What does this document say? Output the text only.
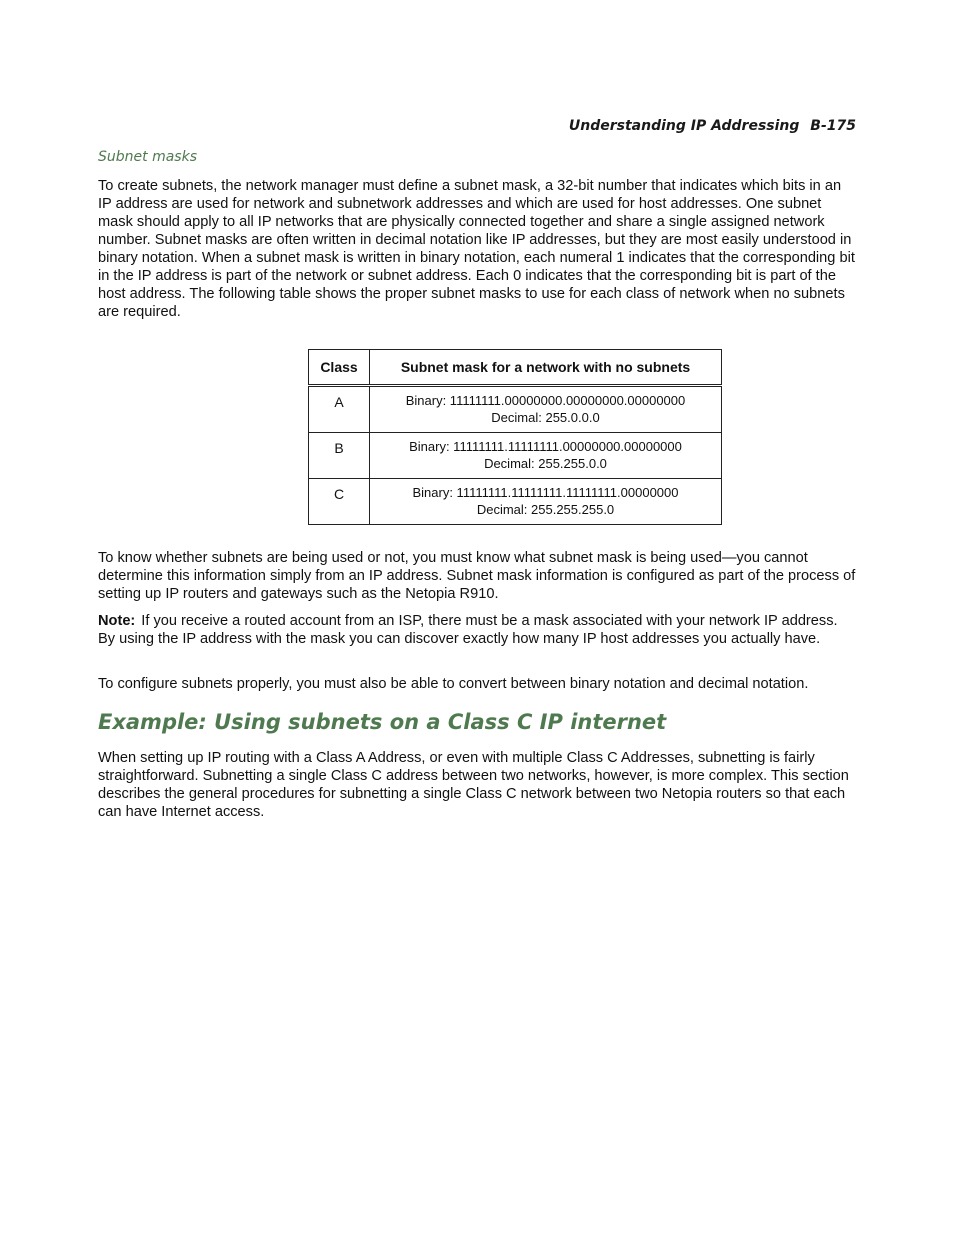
Understanding IP Addressing B-175
Subnet masks

To create subnets, the network manager must define a subnet mask, a 32-bit number that indicates which bits in an IP address are used for network and subnetwork addresses and which are used for host addresses. One subnet mask should apply to all IP networks that are physically connected together and share a single assigned network number. Subnet masks are often written in decimal notation like IP addresses, but they are most easily understood in binary notation. When a subnet mask is written in binary notation, each numeral 1 indicates that the corresponding bit in the IP address is part of the network or subnet address. Each 0 indicates that the corresponding bit is part of the host address. The following table shows the proper subnet masks to use for each class of network when no subnets are required.

Class	Subnet mask for a network with no subnets
A	Binary: 11111111.00000000.00000000.00000000
Decimal: 255.0.0.0

B	Binary: 11111111.11111111.00000000.00000000
Decimal: 255.255.0.0

C	Binary: 11111111.11111111.11111111.00000000
Decimal: 255.255.255.0

To know whether subnets are being used or not, you must know what subnet mask is being used—you cannot determine this information simply from an IP address. Subnet mask information is configured as part of the process of setting up IP routers and gateways such as the Netopia R910.

Note: If you receive a routed account from an ISP, there must be a mask associated with your network IP address. By using the IP address with the mask you can discover exactly how many IP host addresses you actually have.

To configure subnets properly, you must also be able to convert between binary notation and decimal notation.

Example: Using subnets on a Class C IP internet

When setting up IP routing with a Class A Address, or even with multiple Class C Addresses, subnetting is fairly straightforward. Subnetting a single Class C address between two networks, however, is more complex. This section describes the general procedures for subnetting a single Class C network between two Netopia routers so that each can have Internet access.
